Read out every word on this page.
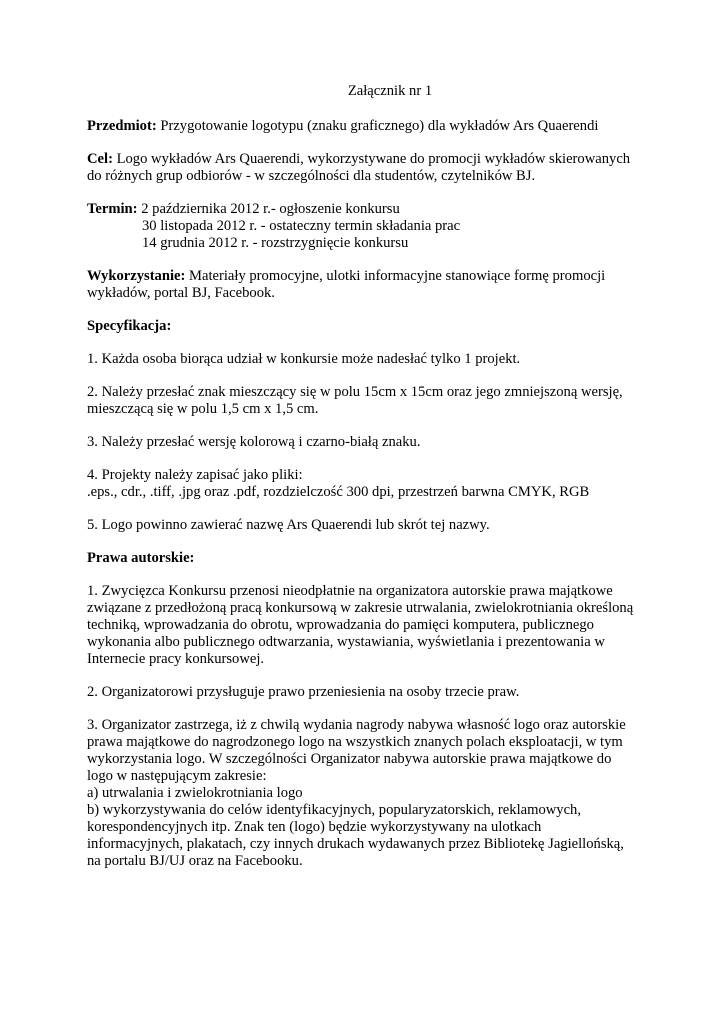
Załącznik nr 1
Przedmiot: Przygotowanie logotypu (znaku graficznego) dla wykładów Ars Quaerendi
Cel: Logo wykładów Ars Quaerendi, wykorzystywane do promocji wykładów skierowanych
do różnych grup odbiorów - w szczególności dla studentów, czytelników BJ.
Termin: 2 października 2012 r.- ogłoszenie konkursu
30 listopada 2012 r. - ostateczny termin składania prac
14 grudnia 2012 r. - rozstrzygnięcie konkursu
Wykorzystanie: Materiały promocyjne, ulotki informacyjne stanowiące formę promocji
wykładów, portal BJ, Facebook.
Specyfikacja:
1. Każda osoba biorąca udział w konkursie może nadesłać tylko 1 projekt.
2. Należy przesłać znak mieszczący się w polu 15cm x 15cm oraz jego zmniejszoną wersję,
mieszczącą się w polu 1,5 cm x 1,5 cm.
3. Należy przesłać wersję kolorową i czarno-białą znaku.
4. Projekty należy zapisać jako pliki:
.eps., cdr., .tiff, .jpg oraz .pdf, rozdzielczość 300 dpi, przestrzeń barwna CMYK, RGB
5. Logo powinno zawierać nazwę Ars Quaerendi lub skrót tej nazwy.
Prawa autorskie:
1. Zwycięzca Konkursu przenosi nieodpłatnie na organizatora autorskie prawa majątkowe
związane z przedłożoną pracą konkursową w zakresie utrwalania, zwielokrotniania określoną
techniką, wprowadzania do obrotu, wprowadzania do pamięci komputera, publicznego
wykonania albo publicznego odtwarzania, wystawiania, wyświetlania i prezentowania w
Internecie pracy konkursowej.
2. Organizatorowi przysługuje prawo przeniesienia na osoby trzecie praw.
3. Organizator zastrzega, iż z chwilą wydania nagrody nabywa własność logo oraz autorskie
prawa majątkowe do nagrodzonego logo na wszystkich znanych polach eksploatacji, w tym
wykorzystania logo. W szczególności Organizator nabywa autorskie prawa majątkowe do
logo w następującym zakresie:
a) utrwalania i zwielokrotniania logo
b) wykorzystywania do celów identyfikacyjnych, popularyzatorskich, reklamowych,
korespondencyjnych itp. Znak ten (logo) będzie wykorzystywany na ulotkach
informacyjnych, plakatach, czy innych drukach wydawanych przez Bibliotekę Jagiellońską,
na portalu BJ/UJ oraz na Facebooku.
